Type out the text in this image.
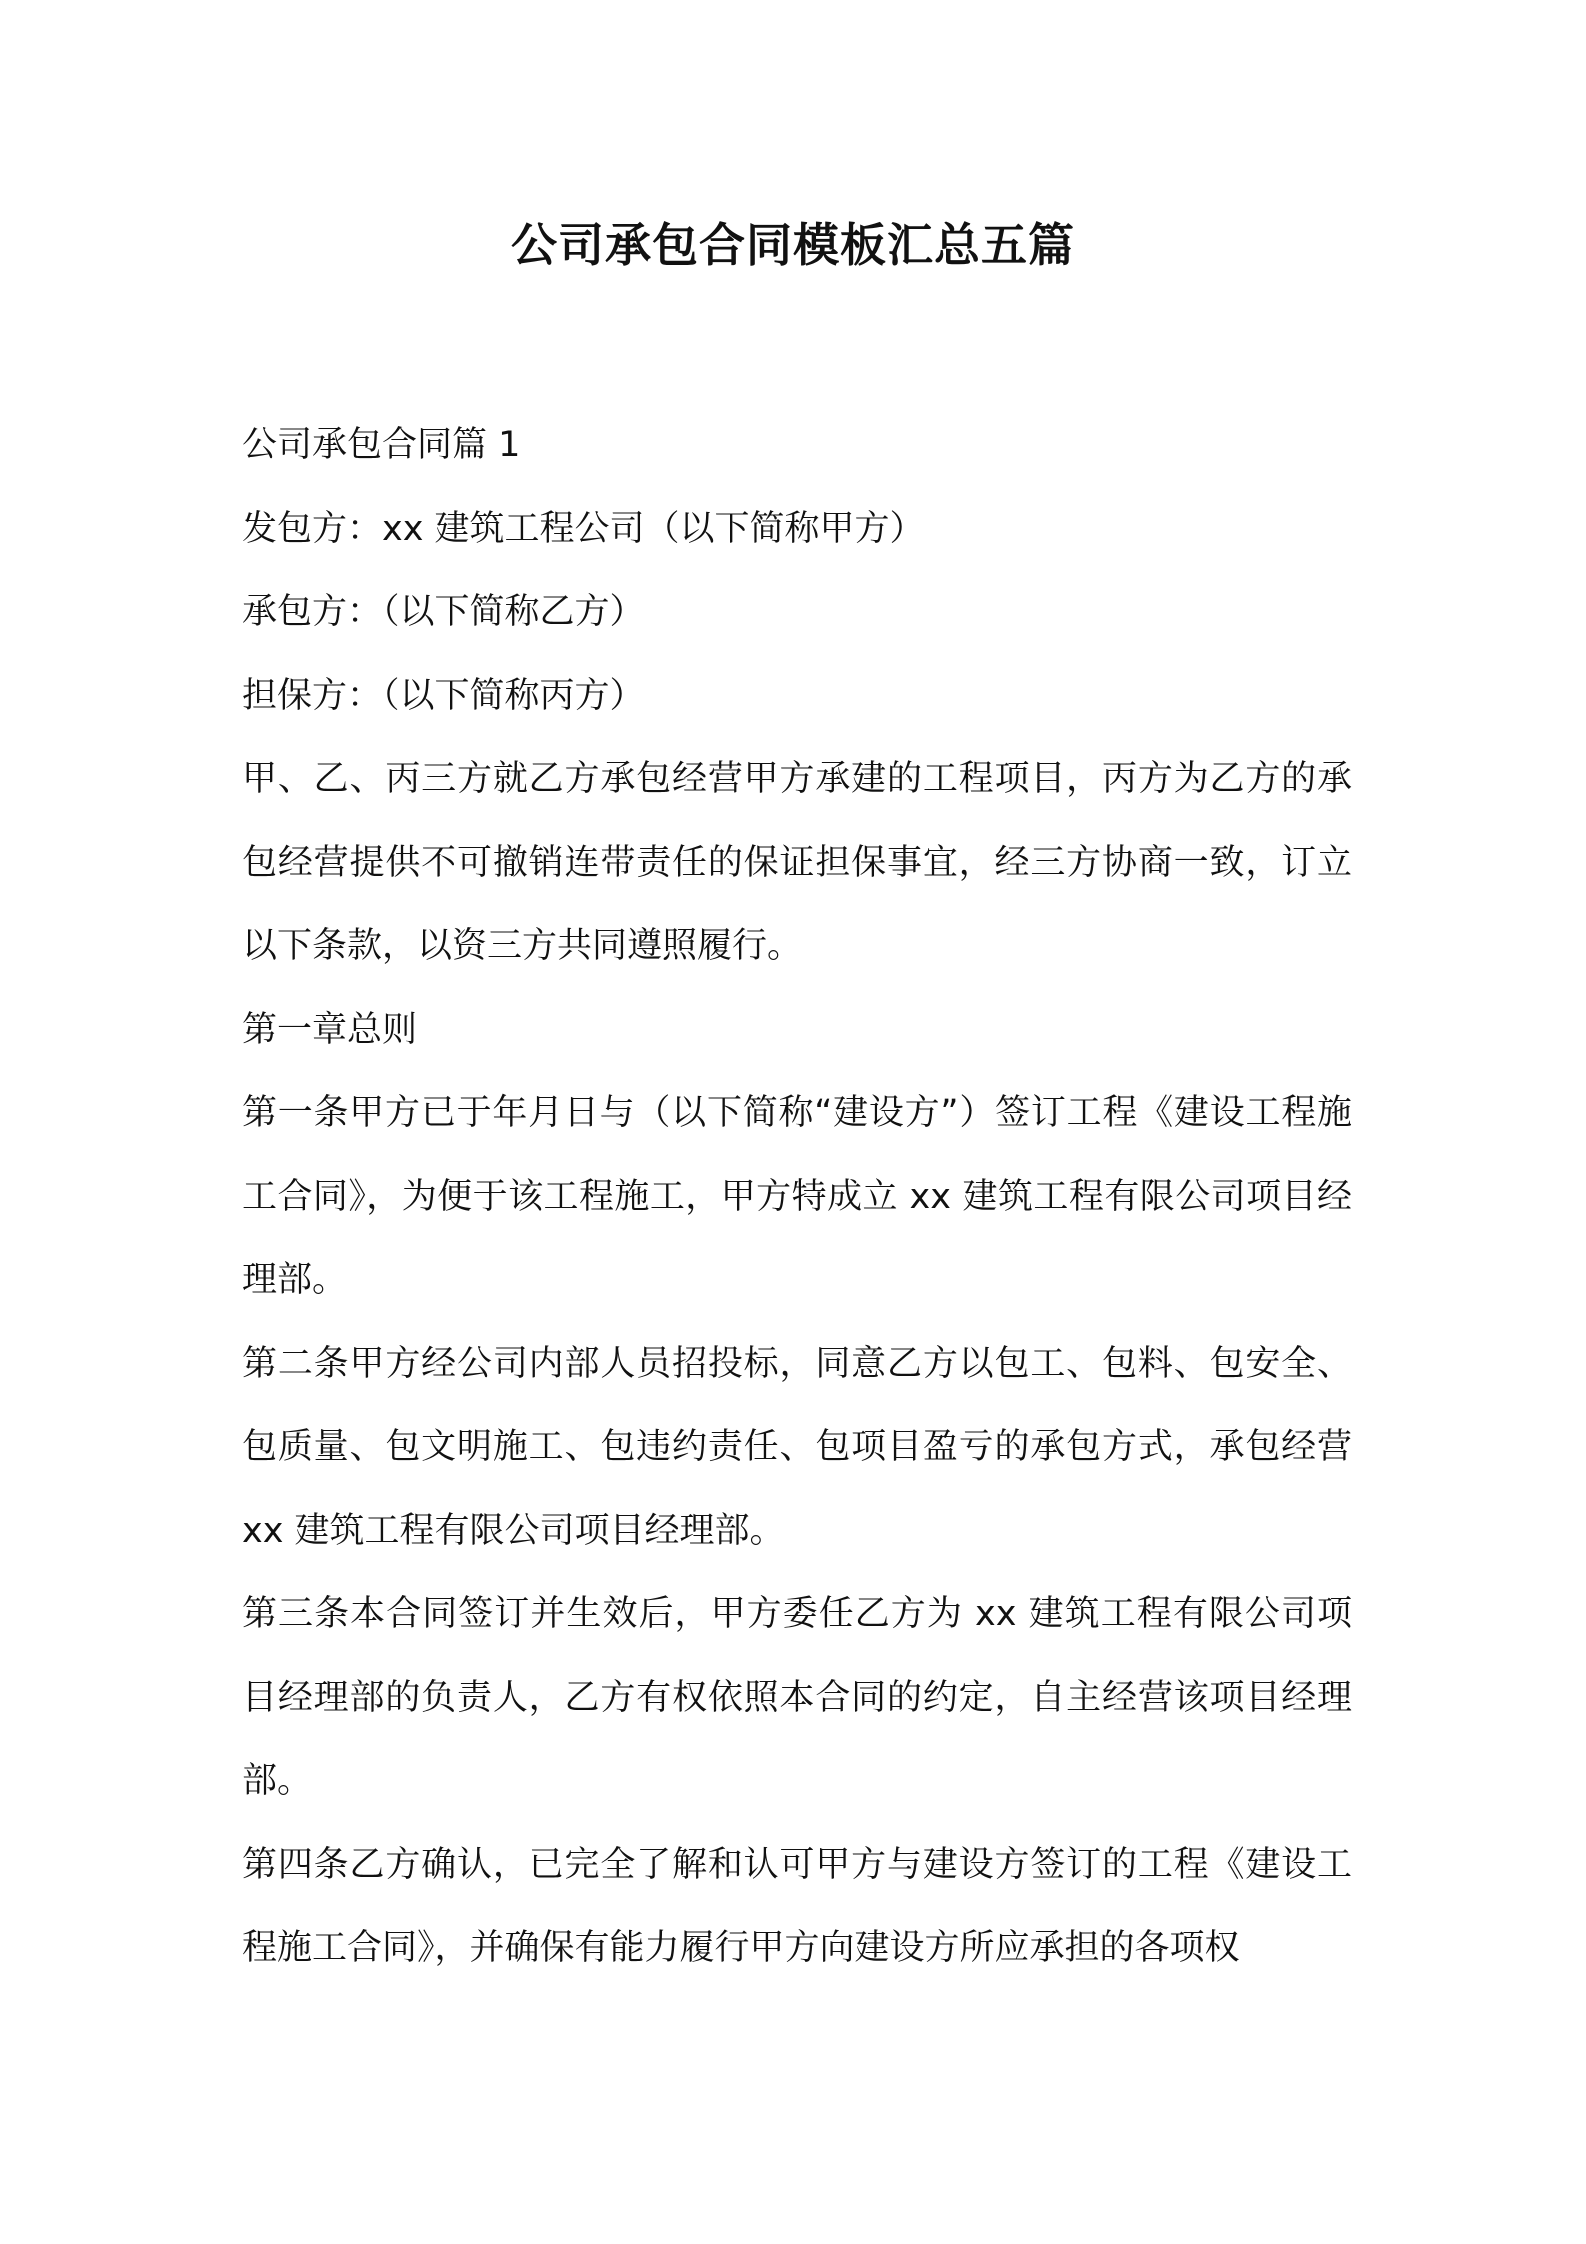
公司承包合同模板汇总五篇

公司承包合同篇 1

发包方：xx 建筑工程公司（以下简称甲方）

承包方：（以下简称乙方）

担保方：（以下简称丙方）

甲、乙、丙三方就乙方承包经营甲方承建的工程项目，丙方为乙方的承包经营提供不可撤销连带责任的保证担保事宜，经三方协商一致，订立以下条款，以资三方共同遵照履行。

第一章总则

第一条甲方已于年月日与（以下简称“建设方”）签订工程《建设工程施工合同》，为便于该工程施工，甲方特成立 xx 建筑工程有限公司项目经理部。

第二条甲方经公司内部人员招投标，同意乙方以包工、包料、包安全、包质量、包文明施工、包违约责任、包项目盈亏的承包方式，承包经营 xx 建筑工程有限公司项目经理部。

第三条本合同签订并生效后，甲方委任乙方为 xx 建筑工程有限公司项目经理部的负责人，乙方有权依照本合同的约定，自主经营该项目经理部。

第四条乙方确认，已完全了解和认可甲方与建设方签订的工程《建设工程施工合同》，并确保有能力履行甲方向建设方所应承担的各项权
